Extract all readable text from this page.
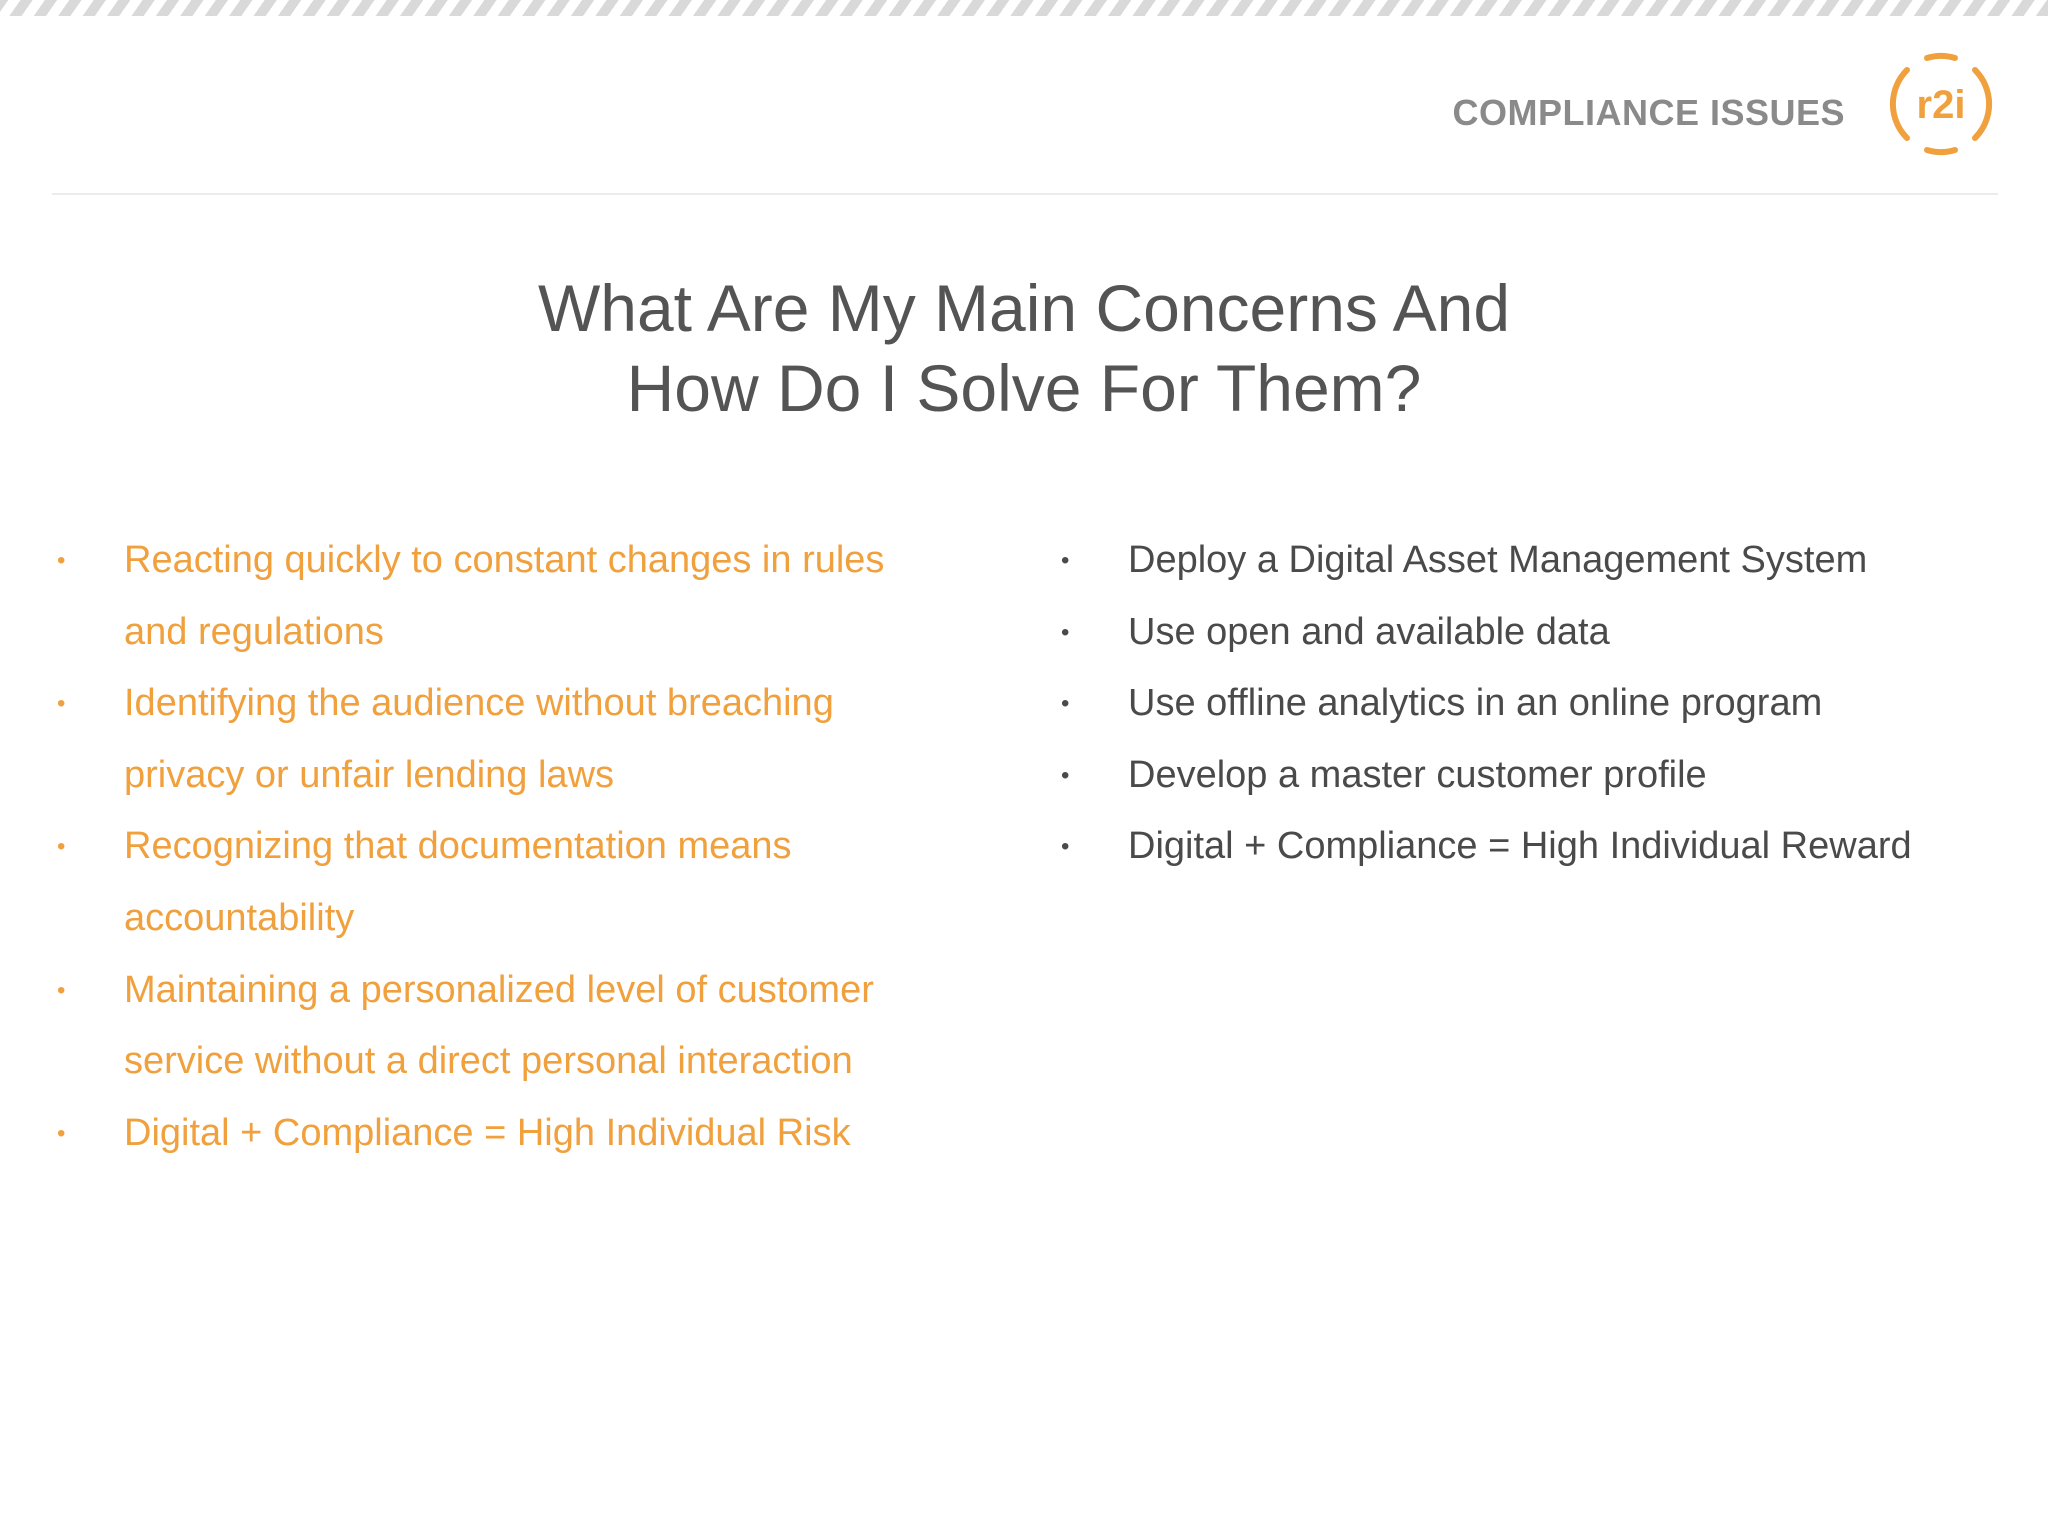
COMPLIANCE ISSUES r2i
What Are My Main Concerns And
How Do I Solve For Them?
• Reacting quickly to constant changes in rules and regulations
• Identifying the audience without breaching privacy or unfair lending laws
• Recognizing that documentation means accountability
• Maintaining a personalized level of customer service without a direct personal interaction
• Digital + Compliance = High Individual Risk
• Deploy a Digital Asset Management System
• Use open and available data
• Use offline analytics in an online program
• Develop a master customer profile
• Digital + Compliance = High Individual Reward
